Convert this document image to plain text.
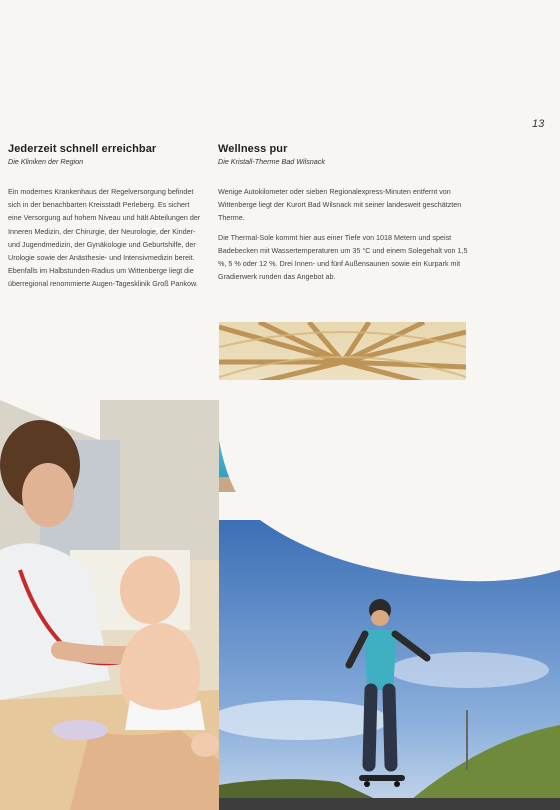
13
Jederzeit schnell erreichbar
Die Kliniken der Region

Ein modernes Krankenhaus der Regelversorgung befindet sich in der benachbarten Kreisstadt Perleberg. Es sichert eine Versorgung auf hohem Niveau und hält Abteilungen der Inneren Medizin, der Chirurgie, der Neurologie, der Kinder- und Jugendmedizin, der Gynäkologie und Geburtshilfe, der Urologie sowie der Anästhesie- und Intensivmedizin bereit. Ebenfalls im Halbstunden-Radius um Wittenberge liegt die überregional renommierte Augen-Tagesklinik Groß Pankow.

Wellness pur
Die Kristall-Therme Bad Wilsnack

Wenige Autokilometer oder sieben Regionalexpress-Minuten entfernt von Wittenberge liegt der Kurort Bad Wilsnack mit seiner landesweit geschätzten Therme.

Die Thermal-Sole kommt hier aus einer Tiefe von 1018 Metern und speist Badebecken mit Wassertemperaturen um 35 °C und einem Solegehalt von 1,5 %, 5 % oder 12 %. Drei Innen- und fünf Außensaunen sowie ein Kurpark mit Gradierwerk runden das Angebot ab.
